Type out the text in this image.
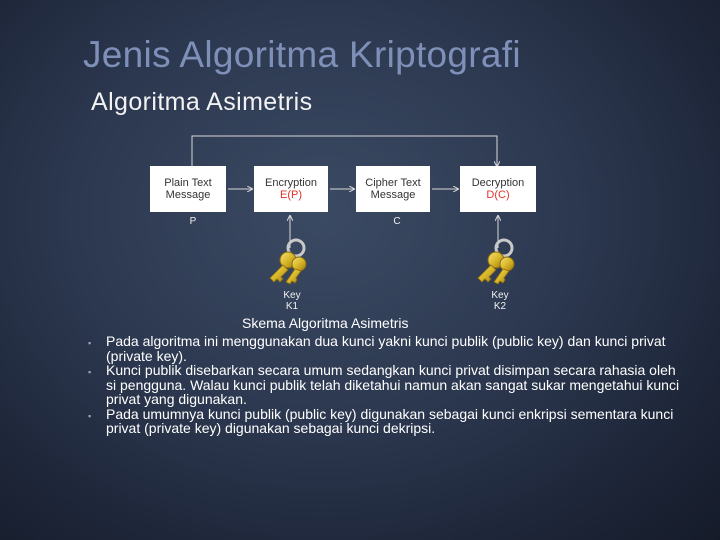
Jenis Algoritma Kriptografi
Algoritma Asimetris
Plain Text
Message
Encryption
E(P)
Cipher Text
Message
Decryption
D(C)
P	C
Key
K1
Key
K2
Skema Algoritma Asimetris
▪ Pada algoritma ini menggunakan dua kunci yakni kunci publik (public key) dan kunci privat (private key).
▪ Kunci publik disebarkan secara umum sedangkan kunci privat disimpan secara rahasia oleh si pengguna. Walau kunci publik telah diketahui namun akan sangat sukar mengetahui kunci privat yang digunakan.
▪ Pada umumnya kunci publik (public key) digunakan sebagai kunci enkripsi sementara kunci privat (private key) digunakan sebagai kunci dekripsi.
